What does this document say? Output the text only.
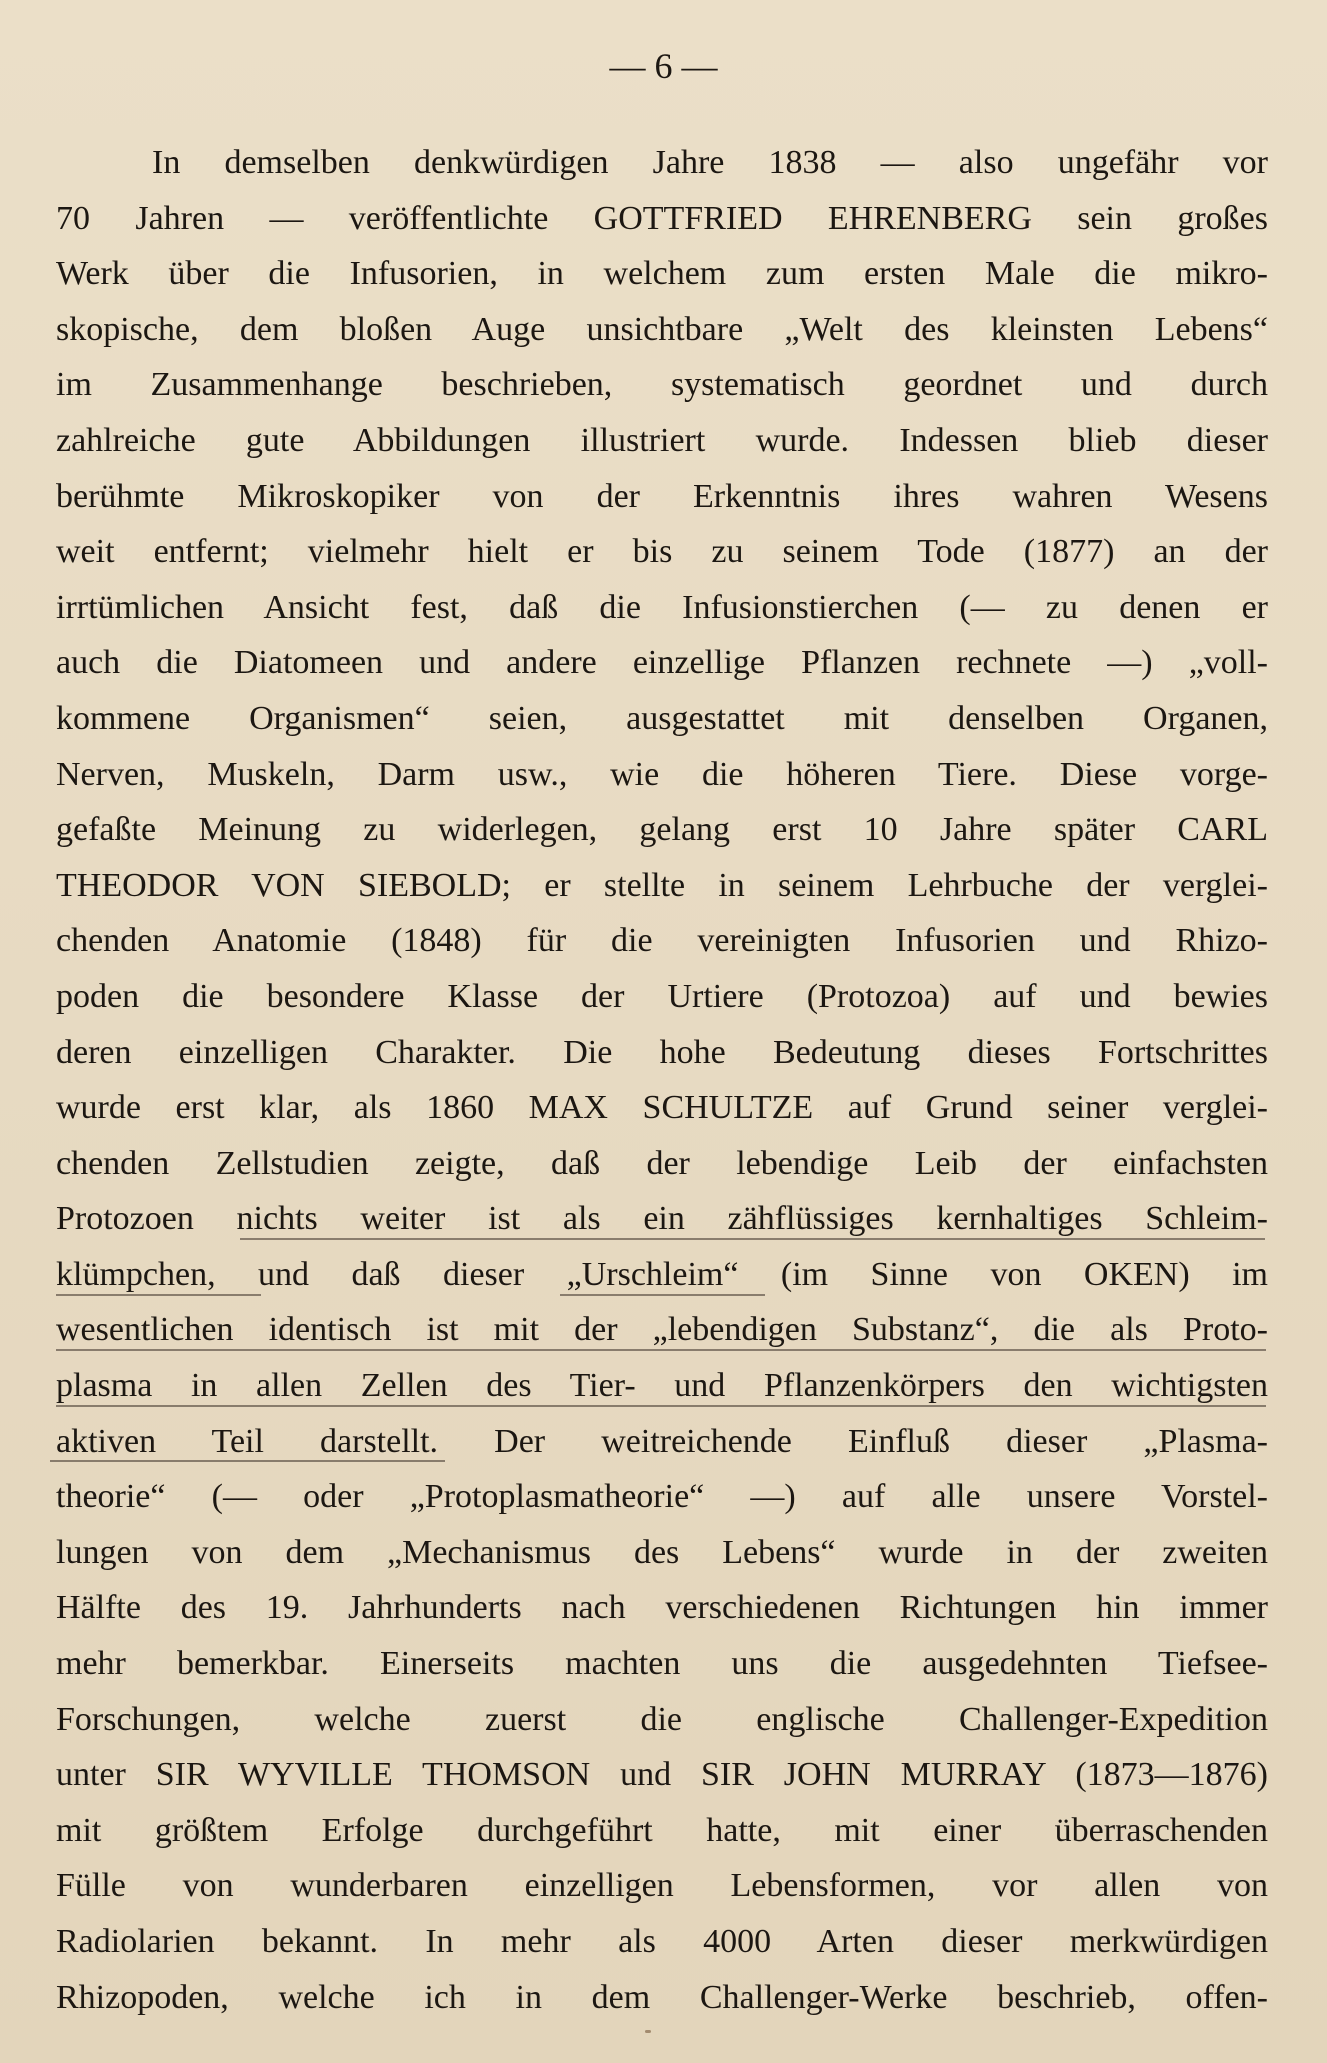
— 6 —
In demselben denkwürdigen Jahre 1838 — also ungefähr vor
70 Jahren — veröffentlichte GOTTFRIED EHRENBERG sein großes
Werk über die Infusorien, in welchem zum ersten Male die mikro-
skopische, dem bloßen Auge unsichtbare „Welt des kleinsten Lebens“
im Zusammenhange beschrieben, systematisch geordnet und durch
zahlreiche gute Abbildungen illustriert wurde. Indessen blieb dieser
berühmte Mikroskopiker von der Erkenntnis ihres wahren Wesens
weit entfernt; vielmehr hielt er bis zu seinem Tode (1877) an der
irrtümlichen Ansicht fest, daß die Infusionstierchen (— zu denen er
auch die Diatomeen und andere einzellige Pflanzen rechnete —) „voll-
kommene Organismen“ seien, ausgestattet mit denselben Organen,
Nerven, Muskeln, Darm usw., wie die höheren Tiere. Diese vorge-
gefaßte Meinung zu widerlegen, gelang erst 10 Jahre später CARL
THEODOR VON SIEBOLD; er stellte in seinem Lehrbuche der verglei-
chenden Anatomie (1848) für die vereinigten Infusorien und Rhizo-
poden die besondere Klasse der Urtiere (Protozoa) auf und bewies
deren einzelligen Charakter. Die hohe Bedeutung dieses Fortschrittes
wurde erst klar, als 1860 MAX SCHULTZE auf Grund seiner verglei-
chenden Zellstudien zeigte, daß der lebendige Leib der einfachsten
Protozoen nichts weiter ist als ein zähflüssiges kernhaltiges Schleim-
klümpchen, und daß dieser „Urschleim“ (im Sinne von OKEN) im
wesentlichen identisch ist mit der „lebendigen Substanz“, die als Proto-
plasma in allen Zellen des Tier- und Pflanzenkörpers den wichtigsten
aktiven Teil darstellt. Der weitreichende Einfluß dieser „Plasma-
theorie“ (— oder „Protoplasmatheorie“ —) auf alle unsere Vorstel-
lungen von dem „Mechanismus des Lebens“ wurde in der zweiten
Hälfte des 19. Jahrhunderts nach verschiedenen Richtungen hin immer
mehr bemerkbar. Einerseits machten uns die ausgedehnten Tiefsee-
Forschungen, welche zuerst die englische Challenger-Expedition
unter SIR WYVILLE THOMSON und SIR JOHN MURRAY (1873—1876)
mit größtem Erfolge durchgeführt hatte, mit einer überraschenden
Fülle von wunderbaren einzelligen Lebensformen, vor allen von
Radiolarien bekannt. In mehr als 4000 Arten dieser merkwürdigen
Rhizopoden, welche ich in dem Challenger-Werke beschrieb, offen-
